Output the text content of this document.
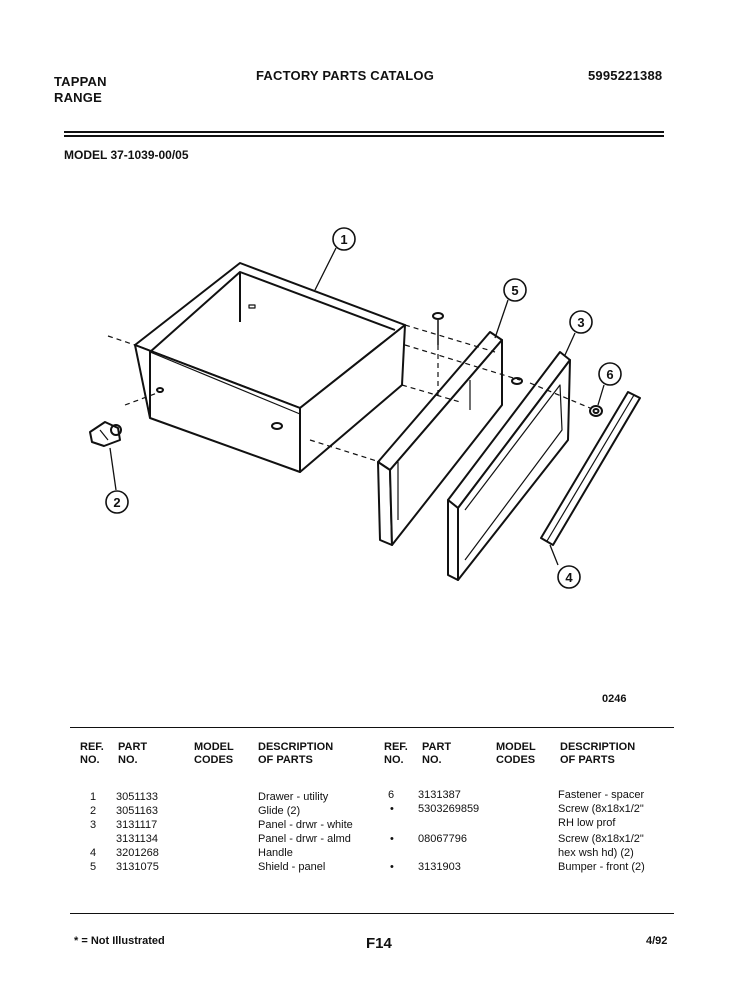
TAPPAN
RANGE
FACTORY PARTS CATALOG	5995221388
MODEL 37-1039-00/05
1
2
3
4
5
6
0246
REF.
NO.
PART
NO.
MODEL
CODES
DESCRIPTION
OF PARTS
REF.
NO.
PART
NO.
MODEL
CODES
DESCRIPTION
OF PARTS
1 3051133	Drawer - utility
2 3051163	Glide (2)
3 3131117	Panel - drwr - white
3131134	Panel - drwr - almd
4 3201268	Handle
5 3131075	Shield - panel
6 3131387	Fastener - spacer
• 5303269859	Screw (8x18x1/2"
RH low prof
• 08067796	Screw (8x18x1/2"
hex wsh hd) (2)
• 3131903	Bumper - front (2)
* = Not Illustrated	F14	4/92
